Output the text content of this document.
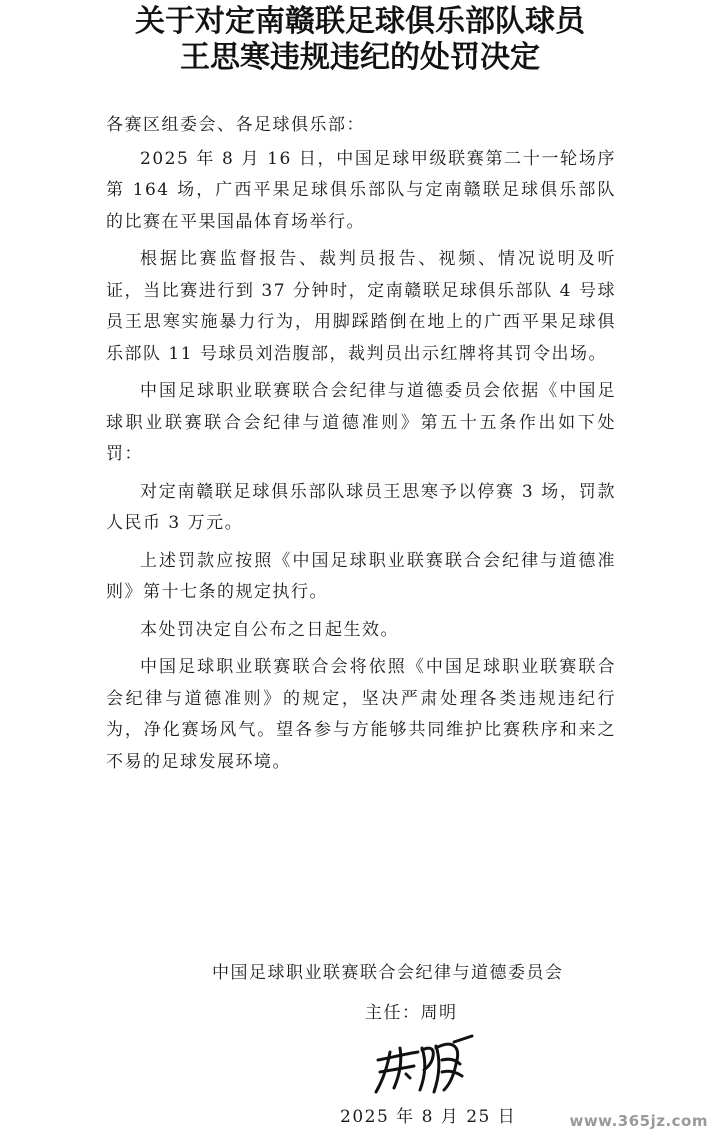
关于对定南赣联足球俱乐部队球员
王思寒违规违纪的处罚决定

各赛区组委会、各足球俱乐部：

2025 年 8 月 16 日，中国足球甲级联赛第二十一轮场序第 164 场，广西平果足球俱乐部队与定南赣联足球俱乐部队的比赛在平果国晶体育场举行。

根据比赛监督报告、裁判员报告、视频、情况说明及听证，当比赛进行到 37 分钟时，定南赣联足球俱乐部队 4 号球员王思寒实施暴力行为，用脚踩踏倒在地上的广西平果足球俱乐部队 11 号球员刘浩腹部，裁判员出示红牌将其罚令出场。

中国足球职业联赛联合会纪律与道德委员会依据《中国足球职业联赛联合会纪律与道德准则》第五十五条作出如下处罚：

对定南赣联足球俱乐部队球员王思寒予以停赛 3 场，罚款人民币 3 万元。

上述罚款应按照《中国足球职业联赛联合会纪律与道德准则》第十七条的规定执行。

本处罚决定自公布之日起生效。

中国足球职业联赛联合会将依照《中国足球职业联赛联合会纪律与道德准则》的规定，坚决严肃处理各类违规违纪行为，净化赛场风气。望各参与方能够共同维护比赛秩序和来之不易的足球发展环境。

中国足球职业联赛联合会纪律与道德委员会
主任：周明
2025 年 8 月 25 日	www.365jz.com
